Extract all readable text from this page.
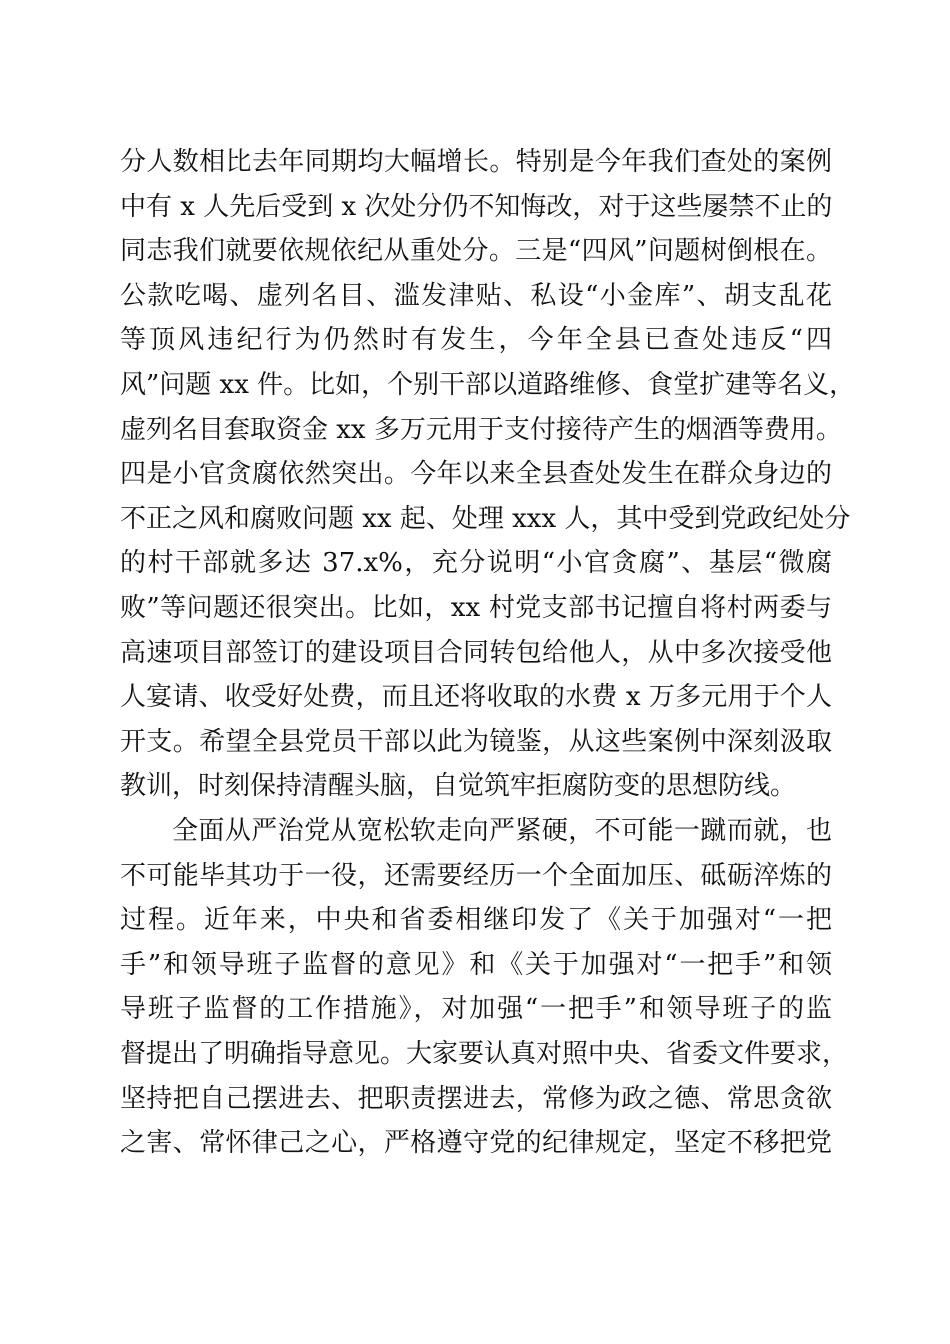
分人数相比去年同期均大幅增长。特别是今年我们查处的案例
中有 x 人先后受到 x 次处分仍不知悔改，对于这些屡禁不止的
同志我们就要依规依纪从重处分。三是“四风”问题树倒根在。
公款吃喝、虚列名目、滥发津贴、私设“小金库”、胡支乱花
等顶风违纪行为仍然时有发生，今年全县已查处违反“四
风”问题 xx 件。比如，个别干部以道路维修、食堂扩建等名义，
虚列名目套取资金 xx 多万元用于支付接待产生的烟酒等费用。
四是小官贪腐依然突出。今年以来全县查处发生在群众身边的
不正之风和腐败问题 xx 起、处理 xxx 人，其中受到党政纪处分
的村干部就多达 37.x%，充分说明“小官贪腐”、基层“微腐
败”等问题还很突出。比如，xx 村党支部书记擅自将村两委与
高速项目部签订的建设项目合同转包给他人，从中多次接受他
人宴请、收受好处费，而且还将收取的水费 x 万多元用于个人
开支。希望全县党员干部以此为镜鉴，从这些案例中深刻汲取
教训，时刻保持清醒头脑，自觉筑牢拒腐防变的思想防线。
全面从严治党从宽松软走向严紧硬，不可能一蹴而就，也
不可能毕其功于一役，还需要经历一个全面加压、砥砺淬炼的
过程。近年来，中央和省委相继印发了《关于加强对“一把
手”和领导班子监督的意见》和《关于加强对“一把手”和领
导班子监督的工作措施》，对加强“一把手”和领导班子的监
督提出了明确指导意见。大家要认真对照中央、省委文件要求，
坚持把自己摆进去、把职责摆进去，常修为政之德、常思贪欲
之害、常怀律己之心，严格遵守党的纪律规定，坚定不移把党
